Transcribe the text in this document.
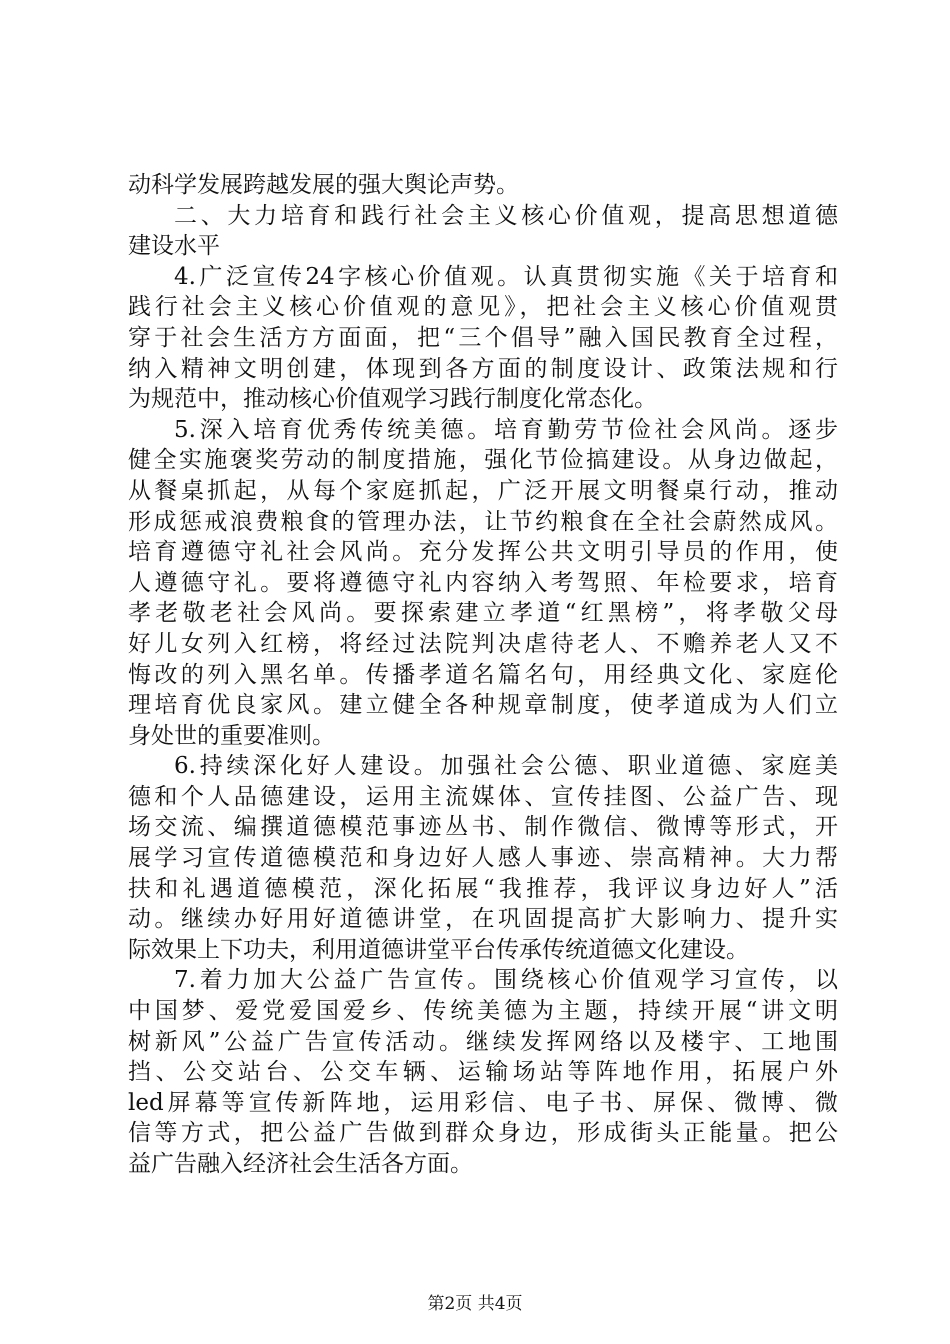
动科学发展跨越发展的强大舆论声势。
二、大力培育和践行社会主义核心价值观，提高思想道德
建设水平
4.广泛宣传24字核心价值观。认真贯彻实施《关于培育和
践行社会主义核心价值观的意见》，把社会主义核心价值观贯
穿于社会生活方方面面，把“三个倡导”融入国民教育全过程，
纳入精神文明创建，体现到各方面的制度设计、政策法规和行
为规范中，推动核心价值观学习践行制度化常态化。
5.深入培育优秀传统美德。培育勤劳节俭社会风尚。逐步
健全实施褒奖劳动的制度措施，强化节俭搞建设。从身边做起，
从餐桌抓起，从每个家庭抓起，广泛开展文明餐桌行动，推动
形成惩戒浪费粮食的管理办法，让节约粮食在全社会蔚然成风。
培育遵德守礼社会风尚。充分发挥公共文明引导员的作用，使
人遵德守礼。要将遵德守礼内容纳入考驾照、年检要求，培育
孝老敬老社会风尚。要探索建立孝道“红黑榜”，将孝敬父母
好儿女列入红榜，将经过法院判决虐待老人、不赡养老人又不
悔改的列入黑名单。传播孝道名篇名句，用经典文化、家庭伦
理培育优良家风。建立健全各种规章制度，使孝道成为人们立
身处世的重要准则。
6.持续深化好人建设。加强社会公德、职业道德、家庭美
德和个人品德建设，运用主流媒体、宣传挂图、公益广告、现
场交流、编撰道德模范事迹丛书、制作微信、微博等形式，开
展学习宣传道德模范和身边好人感人事迹、崇高精神。大力帮
扶和礼遇道德模范，深化拓展“我推荐，我评议身边好人”活
动。继续办好用好道德讲堂，在巩固提高扩大影响力、提升实
际效果上下功夫，利用道德讲堂平台传承传统道德文化建设。
7.着力加大公益广告宣传。围绕核心价值观学习宣传，以
中国梦、爱党爱国爱乡、传统美德为主题，持续开展“讲文明
树新风”公益广告宣传活动。继续发挥网络以及楼宇、工地围
挡、公交站台、公交车辆、运输场站等阵地作用，拓展户外
led屏幕等宣传新阵地，运用彩信、电子书、屏保、微博、微
信等方式，把公益广告做到群众身边，形成街头正能量。把公
益广告融入经济社会生活各方面。
第2页 共4页
